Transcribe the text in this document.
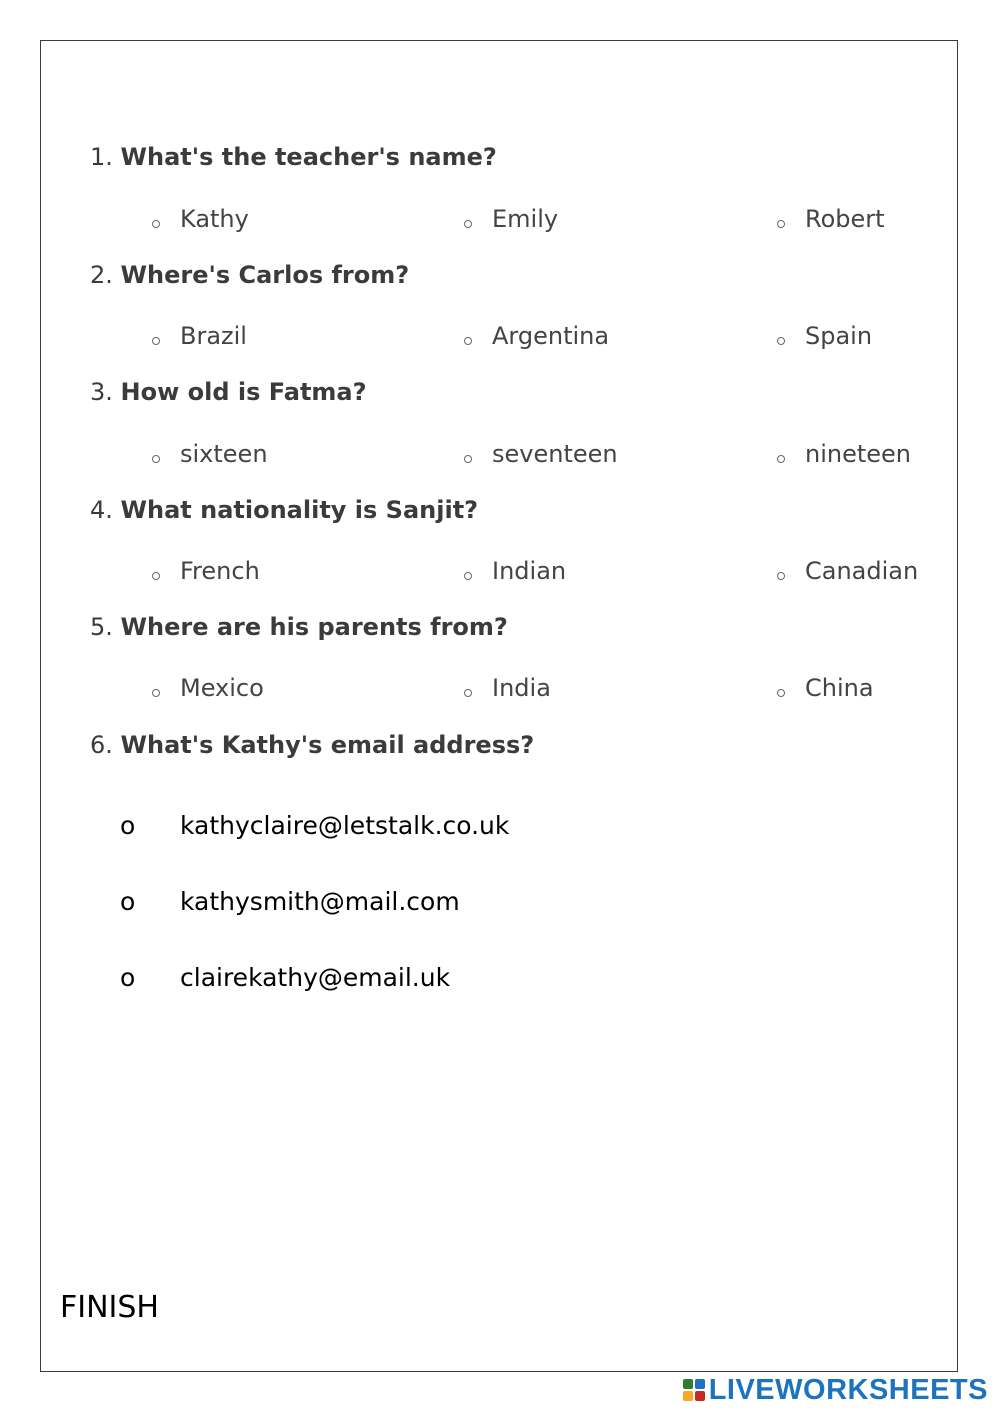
1. What's the teacher's name?
Kathy	Emily	Robert
2. Where's Carlos from?
Brazil	Argentina	Spain
3. How old is Fatma?
sixteen	seventeen	nineteen
4. What nationality is Sanjit?
French	Indian	Canadian
5. Where are his parents from?
Mexico	India	China
6. What's Kathy's email address?
o kathyclaire@letstalk.co.uk
o kathysmith@mail.com
o clairekathy@email.uk
FINISH
LIVEWORKSHEETS
